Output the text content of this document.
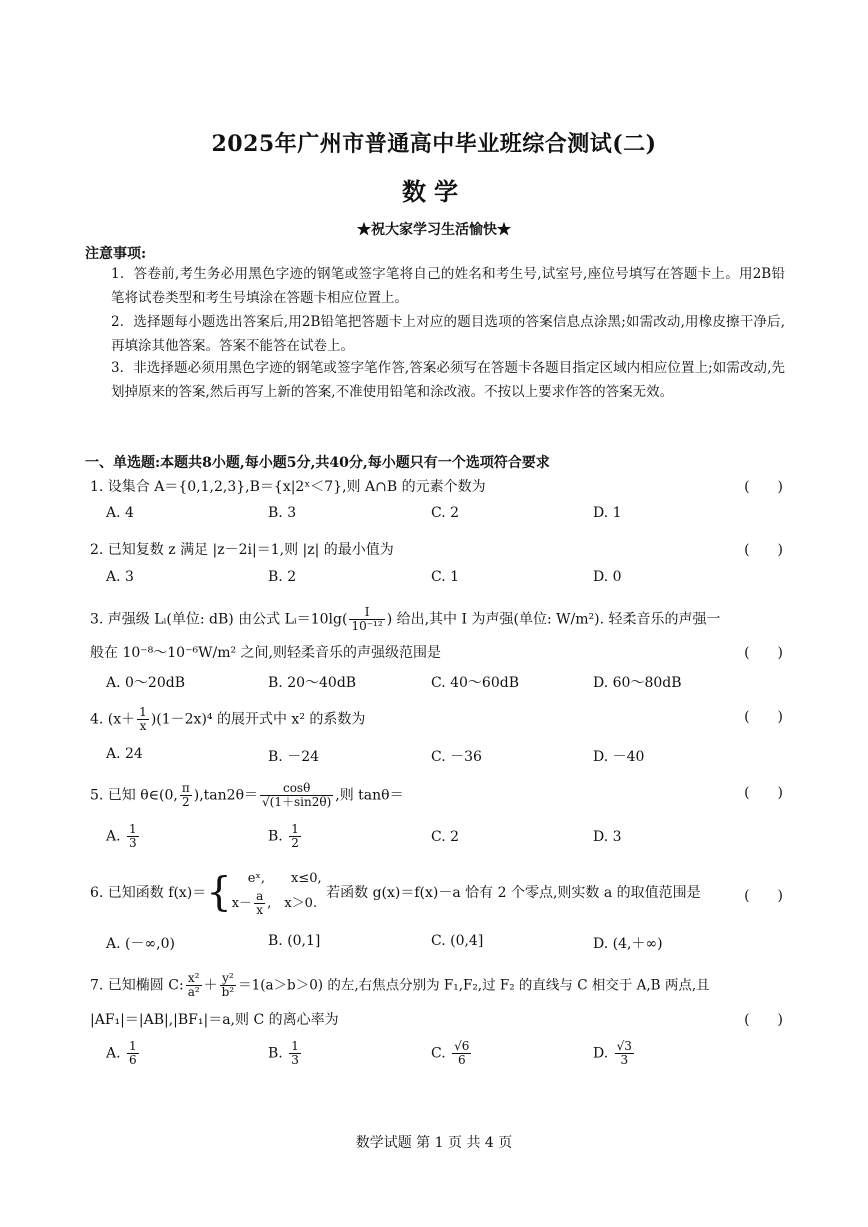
2025年广州市普通高中毕业班综合测试(二)
数学
★祝大家学习生活愉快★
注意事项:
1．答卷前,考生务必用黑色字迹的钢笔或签字笔将自己的姓名和考生号,试室号,座位号填写在答题卡上。用2B铅笔将试卷类型和考生号填涂在答题卡相应位置上。
2．选择题每小题选出答案后,用2B铅笔把答题卡上对应的题目选项的答案信息点涂黑;如需改动,用橡皮擦干净后,再填涂其他答案。答案不能答在试卷上。
3．非选择题必须用黑色字迹的钢笔或签字笔作答,答案必须写在答题卡各题目指定区域内相应位置上;如需改动,先划掉原来的答案,然后再写上新的答案,不准使用铅笔和涂改液。不按以上要求作答的答案无效。
一、单选题:本题共8小题,每小题5分,共40分,每小题只有一个选项符合要求
1. 设集合 A＝{0,1,2,3},B＝{x|2ˣ＜7},则 A∩B 的元素个数为	(　　)
A. 4	B. 3	C. 2	D. 1
2. 已知复数 z 满足 |z－2i|＝1,则 |z| 的最小值为	(　　)
A. 3	B. 2	C. 1	D. 0
3. 声强级 Lᵢ(单位: dB) 由公式 Lᵢ＝10lg( $\frac{I}{\text{10⁻¹²}}$ ) 给出,其中 I 为声强(单位: W/m²). 轻柔音乐的声强一
般在 10⁻⁸～10⁻⁶W/m² 之间,则轻柔音乐的声强级范围是	(　　)
A. 0～20dB	B. 20～40dB	C. 40～60dB	D. 60～80dB
4. $(x+ \frac{1}{x} )(1-2x)^4$ 的展开式中 x² 的系数为	(　　)
A. 24	B. －24	C. －36	D. －40
5. 已知 θ∈(0, $\frac{\pi}{2} ),\tan 2\theta= \frac{\cos\theta}{√(1+\sin 2\theta)}$ ,则 tanθ＝	(　　)
A. $\frac{1}{3}$	B. $\frac{1}{2}$	C. 2	D. 3
6. 已知函数 f(x)＝{	eˣ,　　x≤0,
$x- \frac{a}{x}$ ,　x＞0.
若函数 g(x)＝f(x)－a 恰有 2 个零点,则实数 a 的取值范围是	(　　)
A. (－∞,0)	B. (0,1]	C. (0,4]	D. (4,＋∞)
7. 已知椭圆 C: $\frac{\text{x²}}{\text{a²}} + \frac{\text{y²}}{\text{b²}} =1(a>b>0)$ 的左,右焦点分别为 F₁,F₂,过 F₂ 的直线与 C 相交于 A,B 两点,且
|AF₁|＝|AB|,|BF₁|＝a,则 C 的离心率为	(　　)
A. $\frac{1}{6}$	B. $\frac{1}{3}$	C. $\frac{√6}{6}$	D. $\frac{√3}{3}$
数学试题 第 1 页 共 4 页
